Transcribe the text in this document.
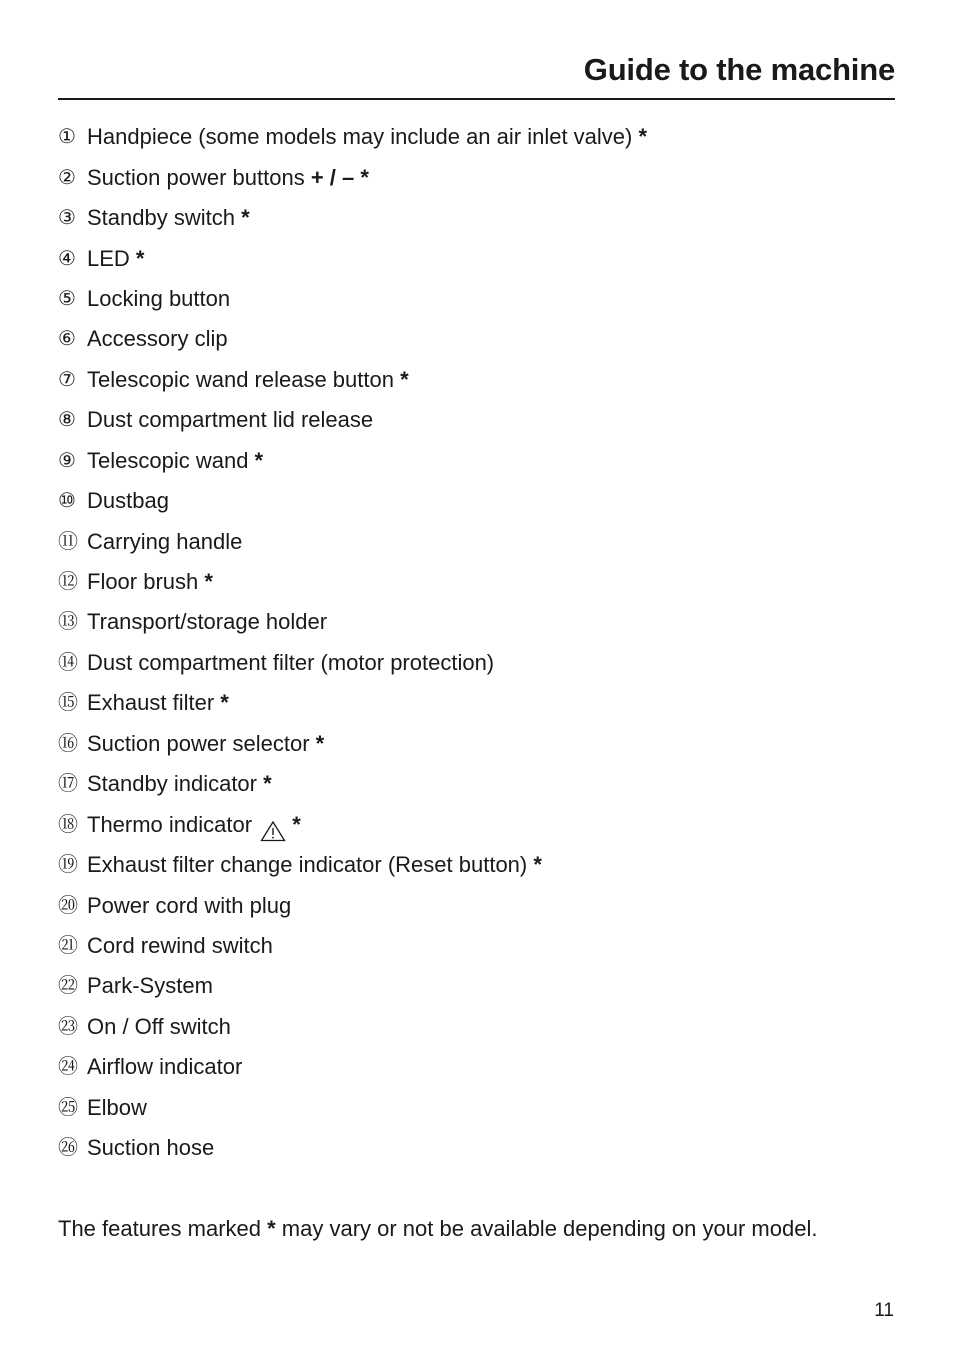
Guide to the machine
① Handpiece (some models may include an air inlet valve) *
② Suction power buttons + / – *
③ Standby switch *
④ LED *
⑤ Locking button
⑥ Accessory clip
⑦ Telescopic wand release button *
⑧ Dust compartment lid release
⑨ Telescopic wand *
⑩ Dustbag
⑪ Carrying handle
⑫ Floor brush *
⑬ Transport/storage holder
⑭ Dust compartment filter (motor protection)
⑮ Exhaust filter *
⑯ Suction power selector *
⑰ Standby indicator *
⑱ Thermo indicator *
⑲ Exhaust filter change indicator (Reset button) *
⑳ Power cord with plug
㉑ Cord rewind switch
㉒ Park-System
㉓ On / Off switch
㉔ Airflow indicator
㉕ Elbow
㉖ Suction hose

The features marked * may vary or not be available depending on your model.

11
